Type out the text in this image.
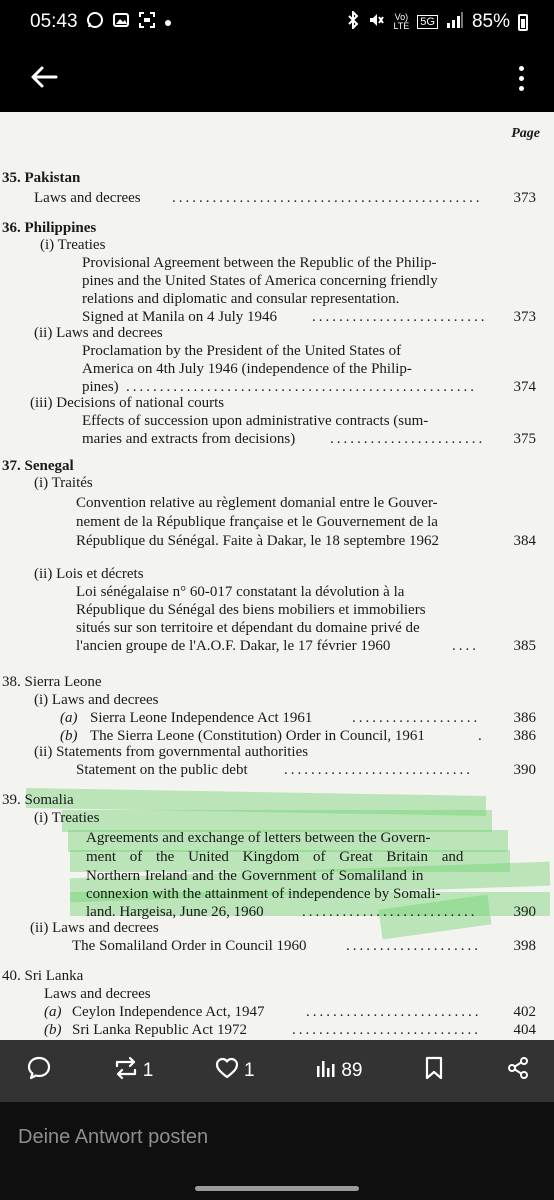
05:43	Vo)
LTE 5G 85%
Page
35. Pakistan
Laws and decrees ..............................................	373
36. Philippines
(i) Treaties
Provisional Agreement between the Republic of the Philip-
pines and the United States of America concerning friendly
relations and diplomatic and consular representation.
Signed at Manila on 4 July 1946 ..........................	373
(ii) Laws and decrees
Proclamation by the President of the United States of
America on 4th July 1946 (independence of the Philip-
pines) ....................................................	374
(iii) Decisions of national courts
Effects of succession upon administrative contracts (sum-
maries and extracts from decisions) .......................	375
37. Senegal
(i) Traités
Convention relative au règlement domanial entre le Gouver-
nement de la République française et le Gouvernement de la
République du Sénégal. Faite à Dakar, le 18 septembre 1962	384
(ii) Lois et décrets
Loi sénégalaise n° 60-017 constatant la dévolution à la
République du Sénégal des biens mobiliers et immobiliers
situés sur son territoire et dépendant du domaine privé de
l'ancien groupe de l'A.O.F. Dakar, le 17 février 1960	....	385
38. Sierra Leone
(i) Laws and decrees
(a) Sierra Leone Independence Act 1961	...................	386
(b) The Sierra Leone (Constitution) Order in Council, 1961	.	386
(ii) Statements from governmental authorities
Statement on the public debt ............................	390
39. Somalia
(i) Treaties
Agreements and exchange of letters between the Govern-
ment of the United Kingdom of Great Britain and
Northern Ireland and the Government of Somaliland in
connexion with the attainment of independence by Somali-
land. Hargeisa, June 26, 1960	..........................	390
(ii) Laws and decrees
The Somaliland Order in Council 1960	....................	398
40. Sri Lanka
Laws and decrees
(a) Ceylon Independence Act, 1947	..........................	402
(b) Sri Lanka Republic Act 1972	............................	404
1	1	89
Deine Antwort posten
